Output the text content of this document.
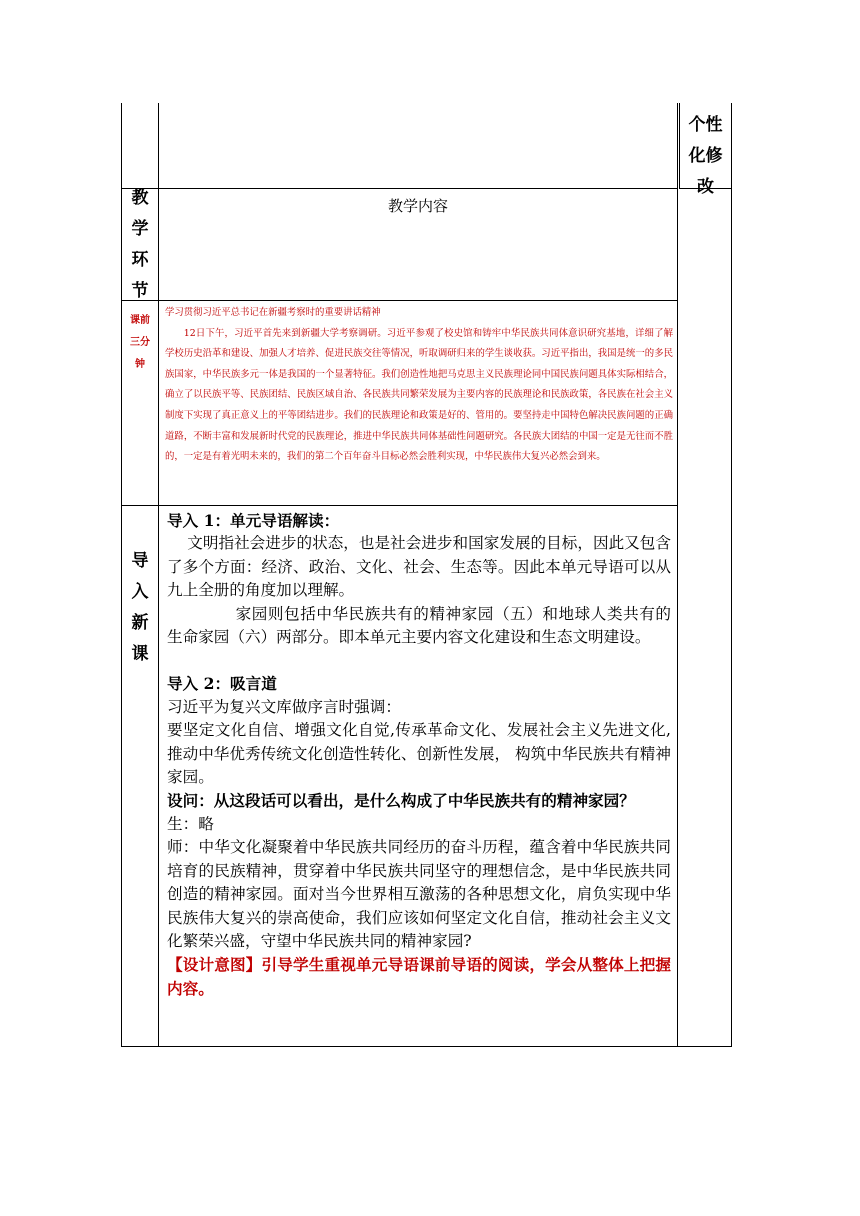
个性
化修
改
教
学
环
节
教学内容
课前
三分
钟

学习贯彻习近平总书记在新疆考察时的重要讲话精神

12日下午，习近平首先来到新疆大学考察调研。习近平参观了校史馆和铸牢中华民族共同体意识研究基地，详细了解学校历史沿革和建设、加强人才培养、促进民族交往等情况，听取调研归来的学生谈收获。习近平指出，我国是统一的多民族国家，中华民族多元一体是我国的一个显著特征。我们创造性地把马克思主义民族理论同中国民族问题具体实际相结合，确立了以民族平等、民族团结、民族区域自治、各民族共同繁荣发展为主要内容的民族理论和民族政策，各民族在社会主义制度下实现了真正意义上的平等团结进步。我们的民族理论和政策是好的、管用的。要坚持走中国特色解决民族问题的正确道路，不断丰富和发展新时代党的民族理论，推进中华民族共同体基础性问题研究。各民族大团结的中国一定是无往而不胜的，一定是有着光明未来的，我们的第二个百年奋斗目标必然会胜利实现，中华民族伟大复兴必然会到来。

导
入
新
课

导入 1：单元导语解读：

文明指社会进步的状态，也是社会进步和国家发展的目标，因此又包含了多个方面：经济、政治、文化、社会、生态等。因此本单元导语可以从九上全册的角度加以理解。

家园则包括中华民族共有的精神家园（五）和地球人类共有的生命家园（六）两部分。即本单元主要内容文化建设和生态文明建设。

导入 2：吸言道

习近平为复兴文库做序言时强调：

要坚定文化自信、增强文化自觉,传承革命文化、发展社会主义先进文化,推动中华优秀传统文化创造性转化、创新性发展， 构筑中华民族共有精神家园。

设问：从这段话可以看出，是什么构成了中华民族共有的精神家园？

生：略

师：中华文化凝聚着中华民族共同经历的奋斗历程，蕴含着中华民族共同培育的民族精神，贯穿着中华民族共同坚守的理想信念，是中华民族共同创造的精神家园。面对当今世界相互激荡的各种思想文化，肩负实现中华民族伟大复兴的崇高使命，我们应该如何坚定文化自信，推动社会主义文化繁荣兴盛，守望中华民族共同的精神家园?

【设计意图】引导学生重视单元导语课前导语的阅读，学会从整体上把握内容。
